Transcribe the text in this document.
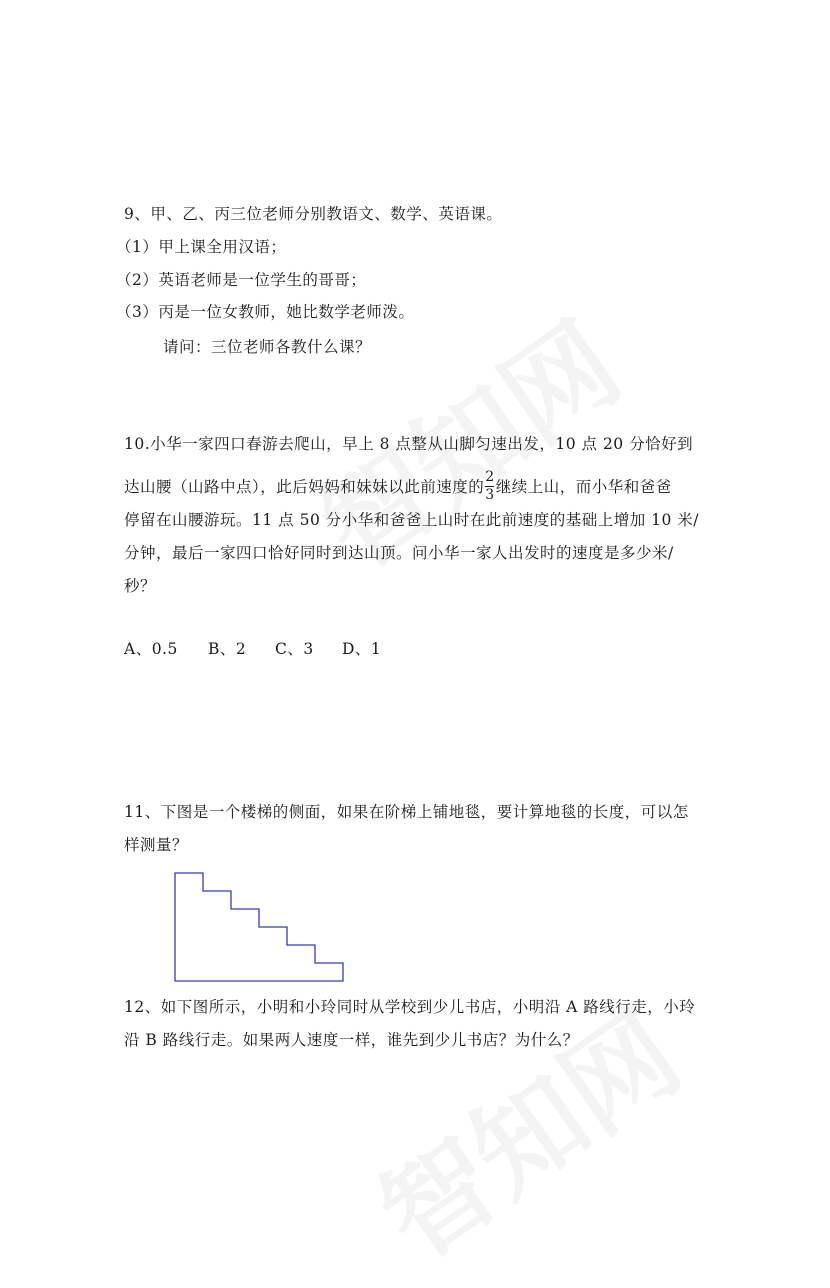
9、甲、乙、丙三位老师分别教语文、数学、英语课。
（1）甲上课全用汉语；
（2）英语老师是一位学生的哥哥；
（3）丙是一位女教师，她比数学老师泼。
请问：三位老师各教什么课？
10.小华一家四口春游去爬山，早上 8 点整从山脚匀速出发，10 点 20 分恰好到
达山腰（山路中点），此后妈妈和妹妹以此前速度的 $\frac{2}{3}$ 继续上山，而小华和爸爸
停留在山腰游玩。11 点 50 分小华和爸爸上山时在此前速度的基础上增加 10 米/
分钟，最后一家四口恰好同时到达山顶。问小华一家人出发时的速度是多少米/
秒？
A、0.5 B、2 C、3 D、1
11、下图是一个楼梯的侧面，如果在阶梯上铺地毯，要计算地毯的长度，可以怎
样测量？
12、如下图所示，小明和小玲同时从学校到少儿书店，小明沿 A 路线行走，小玲
沿 B 路线行走。如果两人速度一样，谁先到少儿书店？为什么？
